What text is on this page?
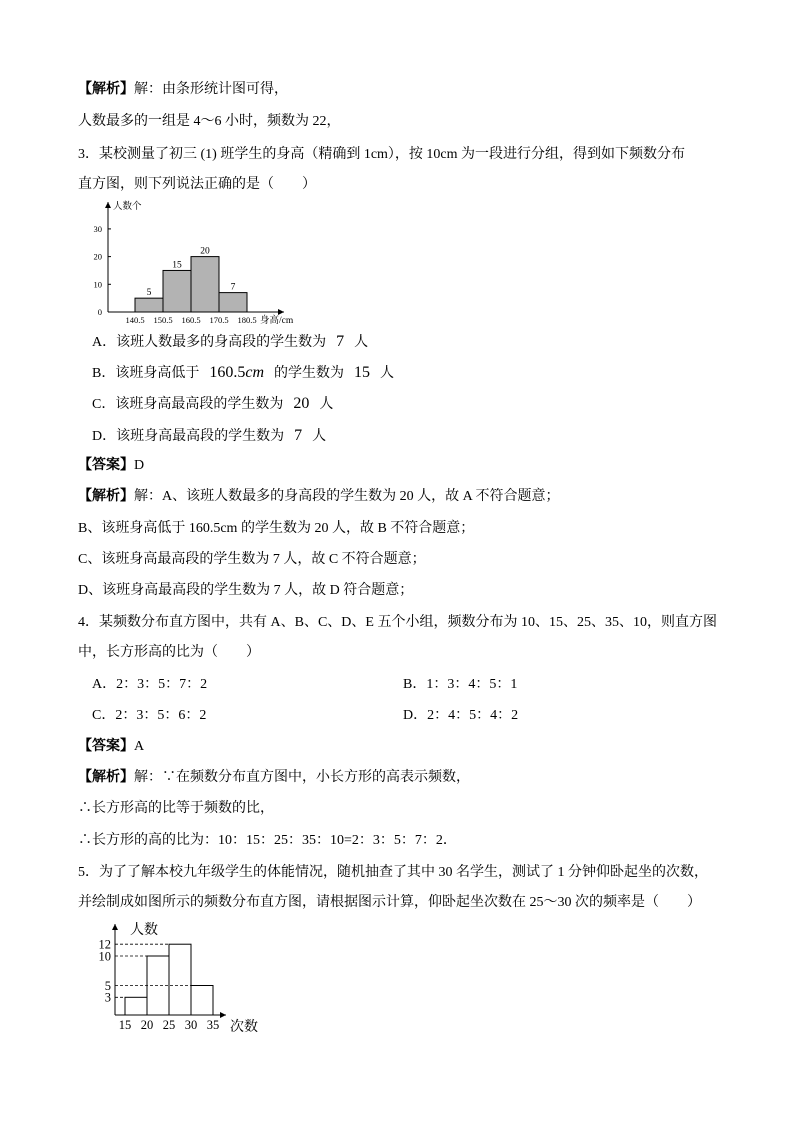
【解析】解：由条形统计图可得，
人数最多的一组是 4～6 小时，频数为 22，
3．某校测量了初三 (1) 班学生的身高（精确到 1cm），按 10cm 为一段进行分组，得到如下频数分布
直方图，则下列说法正确的是（　　）
5
15
20
7
0
10
20
30
140.5 150.5 160.5 170.5 180.5
人数个
身高/cm
A．该班人数最多的身高段的学生数为 7 人
B．该班身高低于 160.5cm 的学生数为 15 人
C．该班身高最高段的学生数为 20 人
D．该班身高最高段的学生数为 7 人
【答案】D
【解析】解：A、该班人数最多的身高段的学生数为 20 人，故 A 不符合题意；
B、该班身高低于 160.5cm 的学生数为 20 人，故 B 不符合题意；
C、该班身高最高段的学生数为 7 人，故 C 不符合题意；
D、该班身高最高段的学生数为 7 人，故 D 符合题意；
4．某频数分布直方图中，共有 A、B、C、D、E 五个小组，频数分布为 10、15、25、35、10，则直方图
中，长方形高的比为（　　）
A．2：3：5：7：2	B．1：3：4：5：1
C．2：3：5：6：2	D．2：4：5：4：2
【答案】A
【解析】解：∵在频数分布直方图中，小长方形的高表示频数，
∴长方形高的比等于频数的比，
∴长方形的高的比为：10：15：25：35：10=2：3：5：7：2．
5．为了了解本校九年级学生的体能情况，随机抽查了其中 30 名学生，测试了 1 分钟仰卧起坐的次数，
并绘制成如图所示的频数分布直方图，请根据图示计算，仰卧起坐次数在 25～30 次的频率是（　　）
3
5
10
12
15 20 25 30 35
人数
次数
